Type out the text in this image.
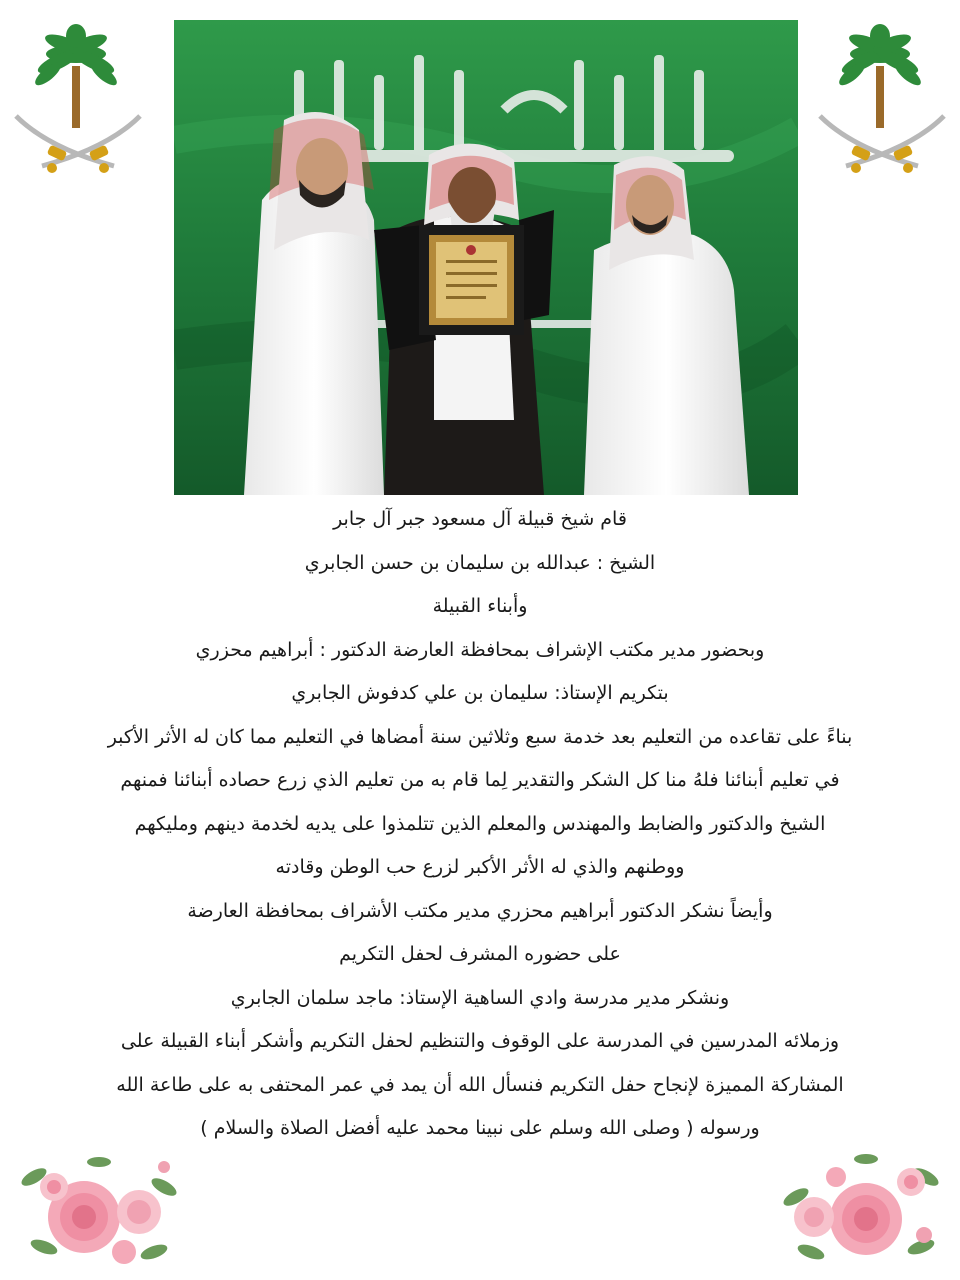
قام شيخ قبيلة آل مسعود جبر آل جابر

الشيخ : عبدالله بن سليمان بن حسن الجابري

وأبناء القبيلة

وبحضور مدير مكتب الإشراف بمحافظة العارضة الدكتور : أبراهيم محزري

بتكريم الإستاذ: سليمان بن علي كدفوش الجابري

بناءً على تقاعده من التعليم بعد خدمة سبع وثلاثين سنة أمضاها في التعليم مما كان له الأثر الأكبر

في تعليم أبنائنا فلهُ منا كل الشكر والتقدير لِما قام به من تعليم الذي زرع حصاده أبنائنا فمنهم

الشيخ والدكتور والضابط والمهندس والمعلم الذين تتلمذوا على يديه لخدمة دينهم ومليكهم

ووطنهم والذي له الأثر الأكبر لزرع حب الوطن وقادته

وأيضاً نشكر الدكتور أبراهيم محزري مدير مكتب الأشراف بمحافظة العارضة

على حضوره المشرف لحفل التكريم

ونشكر مدير مدرسة وادي الساهية الإستاذ: ماجد سلمان الجابري

وزملائه المدرسين في المدرسة على الوقوف والتنظيم لحفل التكريم وأشكر أبناء القبيلة على

المشاركة المميزة لإنجاح حفل التكريم فنسأل الله أن يمد في عمر المحتفى به على طاعة الله

ورسوله ( وصلى الله وسلم على نبينا محمد عليه أفضل الصلاة والسلام )
